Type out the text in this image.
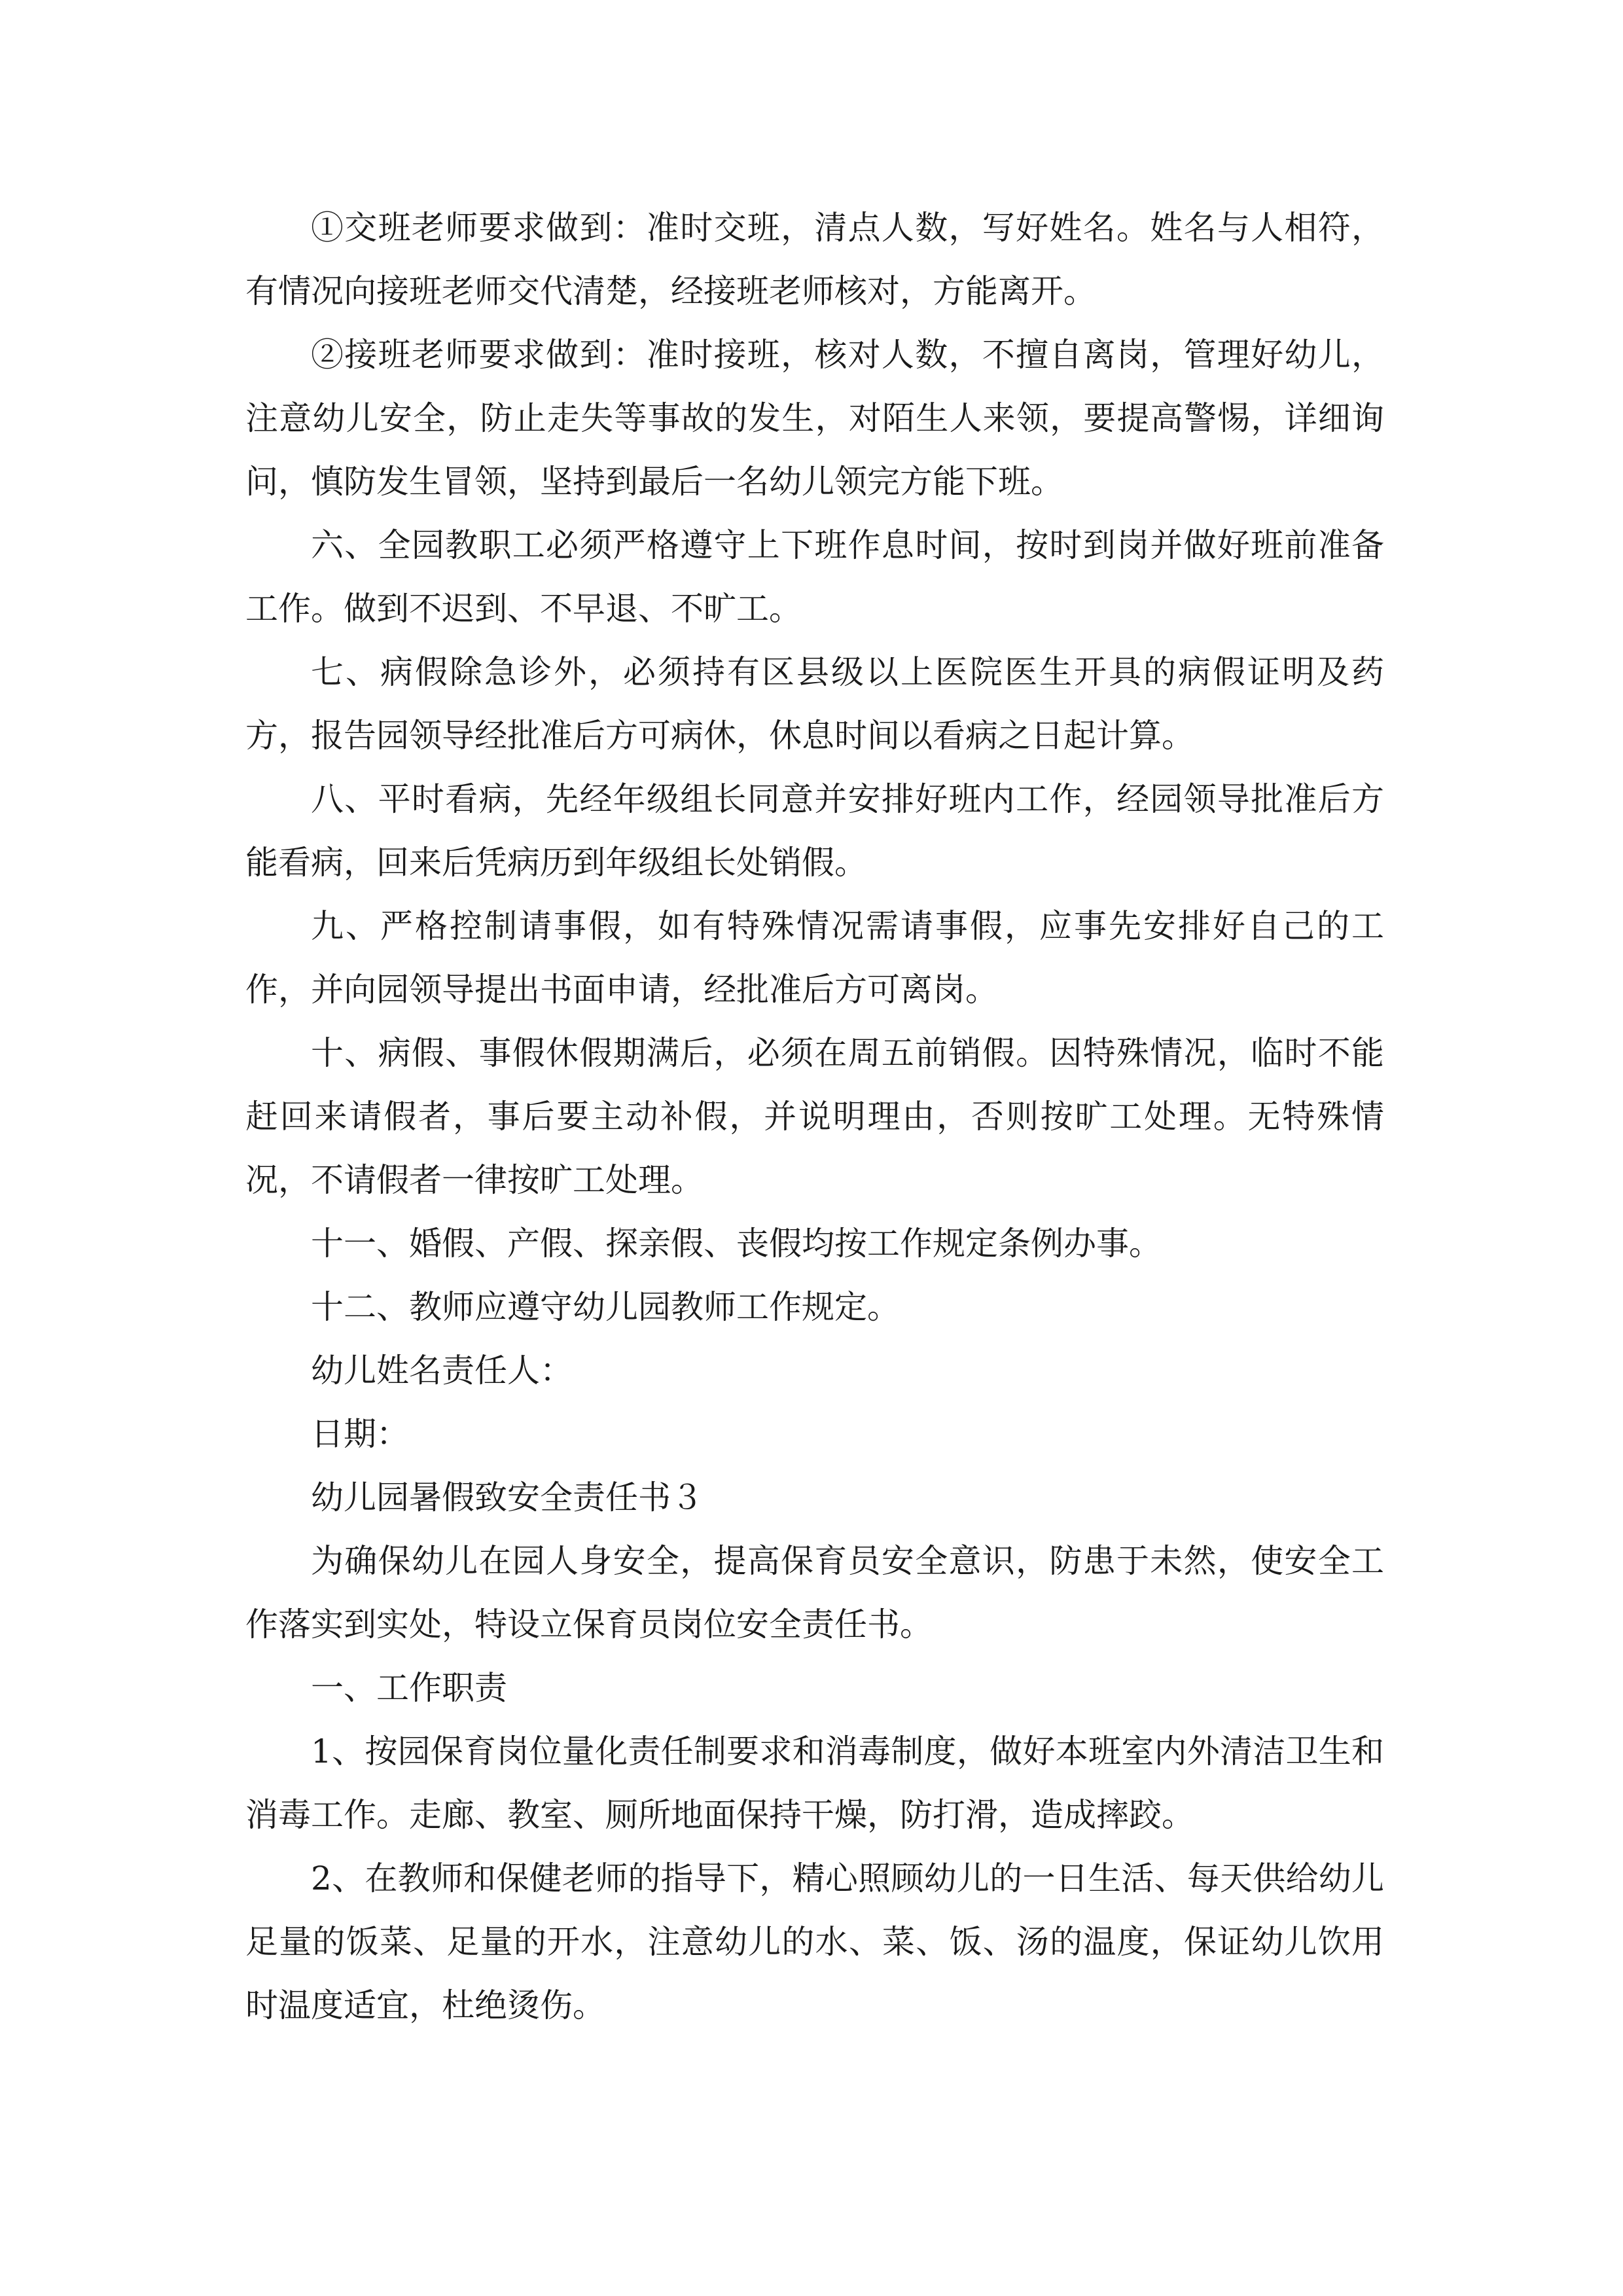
①交班老师要求做到：准时交班，清点人数，写好姓名。姓名与人相符，有情况向接班老师交代清楚，经接班老师核对，方能离开。

②接班老师要求做到：准时接班，核对人数，不擅自离岗，管理好幼儿，注意幼儿安全，防止走失等事故的发生，对陌生人来领，要提高警惕，详细询问，慎防发生冒领，坚持到最后一名幼儿领完方能下班。

六、全园教职工必须严格遵守上下班作息时间，按时到岗并做好班前准备工作。做到不迟到、不早退、不旷工。

七、病假除急诊外，必须持有区县级以上医院医生开具的病假证明及药方，报告园领导经批准后方可病休，休息时间以看病之日起计算。

八、平时看病，先经年级组长同意并安排好班内工作，经园领导批准后方能看病，回来后凭病历到年级组长处销假。

九、严格控制请事假，如有特殊情况需请事假，应事先安排好自己的工作，并向园领导提出书面申请，经批准后方可离岗。

十、病假、事假休假期满后，必须在周五前销假。因特殊情况，临时不能赶回来请假者，事后要主动补假，并说明理由，否则按旷工处理。无特殊情况，不请假者一律按旷工处理。

十一、婚假、产假、探亲假、丧假均按工作规定条例办事。

十二、教师应遵守幼儿园教师工作规定。

幼儿姓名责任人：

日期：

幼儿园暑假致安全责任书３

为确保幼儿在园人身安全，提高保育员安全意识，防患于未然，使安全工作落实到实处，特设立保育员岗位安全责任书。

一、工作职责

1、按园保育岗位量化责任制要求和消毒制度，做好本班室内外清洁卫生和消毒工作。走廊、教室、厕所地面保持干燥，防打滑，造成摔跤。

2、在教师和保健老师的指导下，精心照顾幼儿的一日生活、每天供给幼儿足量的饭菜、足量的开水，注意幼儿的水、菜、饭、汤的温度，保证幼儿饮用时温度适宜，杜绝烫伤。
